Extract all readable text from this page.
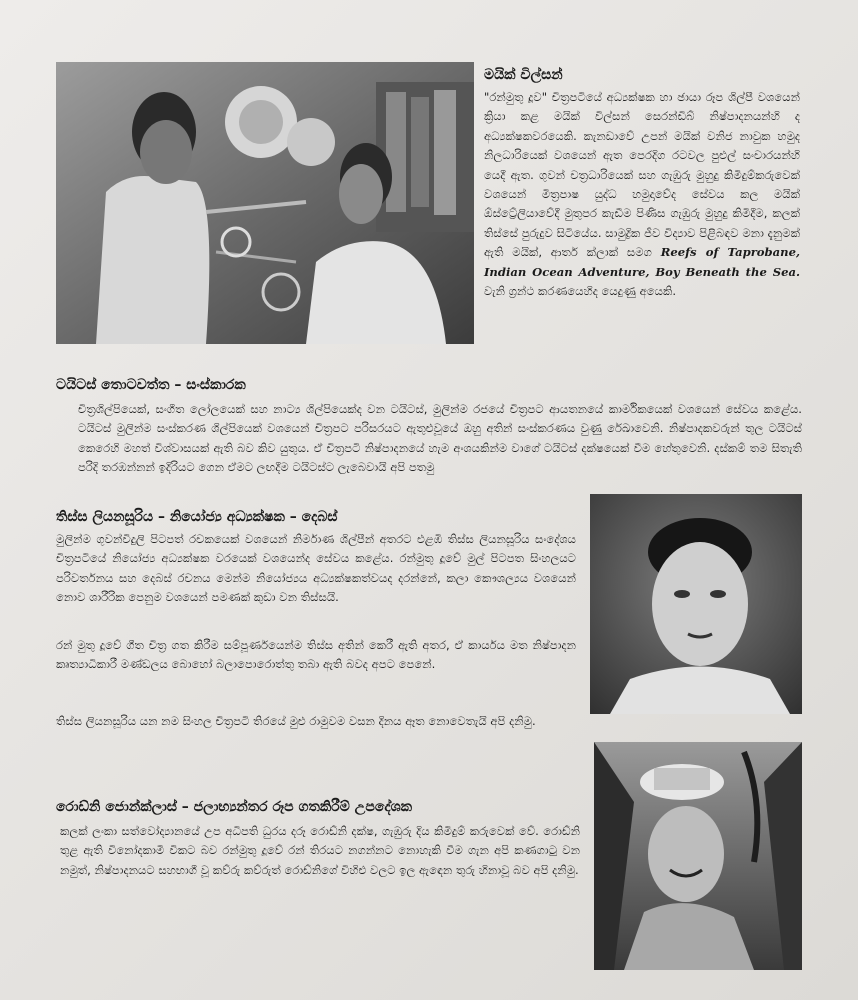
මයික් විල්සන්

"රන්මුතු දූව" චිත්‍රපටියේ අධ්‍යක්ෂක හා ඡායා රූප ශිල්පී වශයෙන් ක්‍රියා කළ මයික් විල්සන් සෙරන්ඩිබ් නිෂ්පාදනයන්හි ද අධ්‍යක්ෂකවරයෙකි. කැනඩාවේ උපන් මයික් වනිජ නාවුක හමුද නිලධාරියෙක් වශයෙන් ඇත පෙරදිග රටවල පුළුල් සංචාරයන්හි යෙදී ඇත. ගුවන් චත්‍රධාරියෙක් සහ ගැඹුරු මුහුදු කිමිදුම්කරුවෙක් වශයෙන් මිත්‍රපාෂ යුද්ධ හමුදාවේද සේවය කල මයික් ඕස්ට්‍රේලියාවේදී මුතුපර කැඩීම පිණිස ගැඹුරු මුහුදු කිමිදීම, කලක් තිස්සේ පුරුදුව සිටියේය. සාමුද්‍රික ජීව විද්‍යාව පිළිබඳව මනා දැනුමක් ඇති මයික්, ආතර් ක්ලාක් සමග Reefs of Taprobane, Indian Ocean Adventure, Boy Beneath the Sea. වැනි ග්‍රන්ථ කරණයෙහිද යෙදුණු අයෙකි.

ටයිටස් තොටවත්ත – සංස්කාරක

චිත්‍රශිල්පියෙක්, සංගීත ලෝලයෙක් සහ නාට්‍ය ශිල්පියෙක්ද වන ටයිටස්, මුලින්ම රජයේ චිත්‍රපට ආයතනයේ කාර්මිකයෙක් වශයෙන් සේවය කළේය. ටයිටස් මුලින්ම සංස්කරණ ශිල්පියෙක් වශයෙන් චිත්‍රපට පරිසරයට ඇතුළුවූයේ ඔහු අතින් සංස්කරණය වුණු රේඛාවෙනි. නිෂ්පාදකවරුන් තුල ටයිටස් කෙරෙහි මහත් විශ්වාසයක් ඇති බව කිව යුතුය. ඒ චිත්‍රපටි නිෂ්පාදනයේ හැම අංශයකින්ම වාගේ ටයිටස් දක්ෂයෙක් වීම හේතුවෙනි. දස්කම් තම සිතැති පරිදි තරඹන්නන් ඉදිරියට ගෙන ඒමට ලඟදීම ටයිටස්ට ලැබෙවායි අපි පතමු

තිස්ස ලියනසූරිය – නියෝජ්‍ය අධ්‍යක්ෂක – දෙබස්

මුලින්ම ගුවන්විදුලි පිටපත් රචකයෙක් වශයෙන් නිර්මාණ ශිල්පීන් අතරට එළඹි තිස්ස ලියනසූරිය සංදේශය චිත්‍රපටියේ නියෝජ්‍ය අධ්‍යක්ෂක වරයෙක් වශයෙන්ද සේවය කළේය. රන්මුතු දූවේ මුල් පිටපත සිංහලයට පරිවර්තනය සහ දෙබස් රචනය මෙන්ම නියෝජ්‍යය අධ්‍යක්ෂකත්වයද දරන්නේ, කලා කෞශල්‍යය වශයෙන් නොව ශාරීරික පෙනුම වශයෙන් පමණක් කුඩා වන තිස්සයි.

රන් මුතු දූවේ ගීත චිත්‍ර ගත කිරීම සම්පූර්ණයෙන්ම තිස්ස අතින් කෙරී ඇති අතර, ඒ කාර්යය මත නිෂ්පාදන කෘත්‍යාධිකාරී මණ්ඩලය බොහෝ බලාපොරොත්තු තබා ඇති බවද අපට පෙනේ.

තිස්ස ලියනසූරිය යන නම සිංහල චිත්‍රපටි තිරයේ මුළු රාමුවම වසන දිනය ඈත නොවෙතැයි අපි දනිමු.

රොඩ්නි ජොන්ක්ලාස් – ජලාභ්‍යන්තර රූප ගතකිරීම් උපදේශක

කලක් ලංකා සත්වෝද්‍යානයේ උප අධිපති ධුරය දරූ රොඩ්නි දක්ෂ, ගැඹුරු දිය කිමිදුම් කරුවෙක් වේ. රොඩ්නි තුළ ඇති විනෝදකාමී විකට බව රන්මුතු දූවේ රන් තිරයට නගන්නට නොහැකි වීම ගැන අපි කණගාටු වන නමුත්, නිෂ්පාදනයට සහභාගී වූ කව්රු කව්රුත් රොඩ්නිගේ විහිළු වලට ඉල ඇඳෙන තුරු හිනාවූ බව අපි දනිමු.
